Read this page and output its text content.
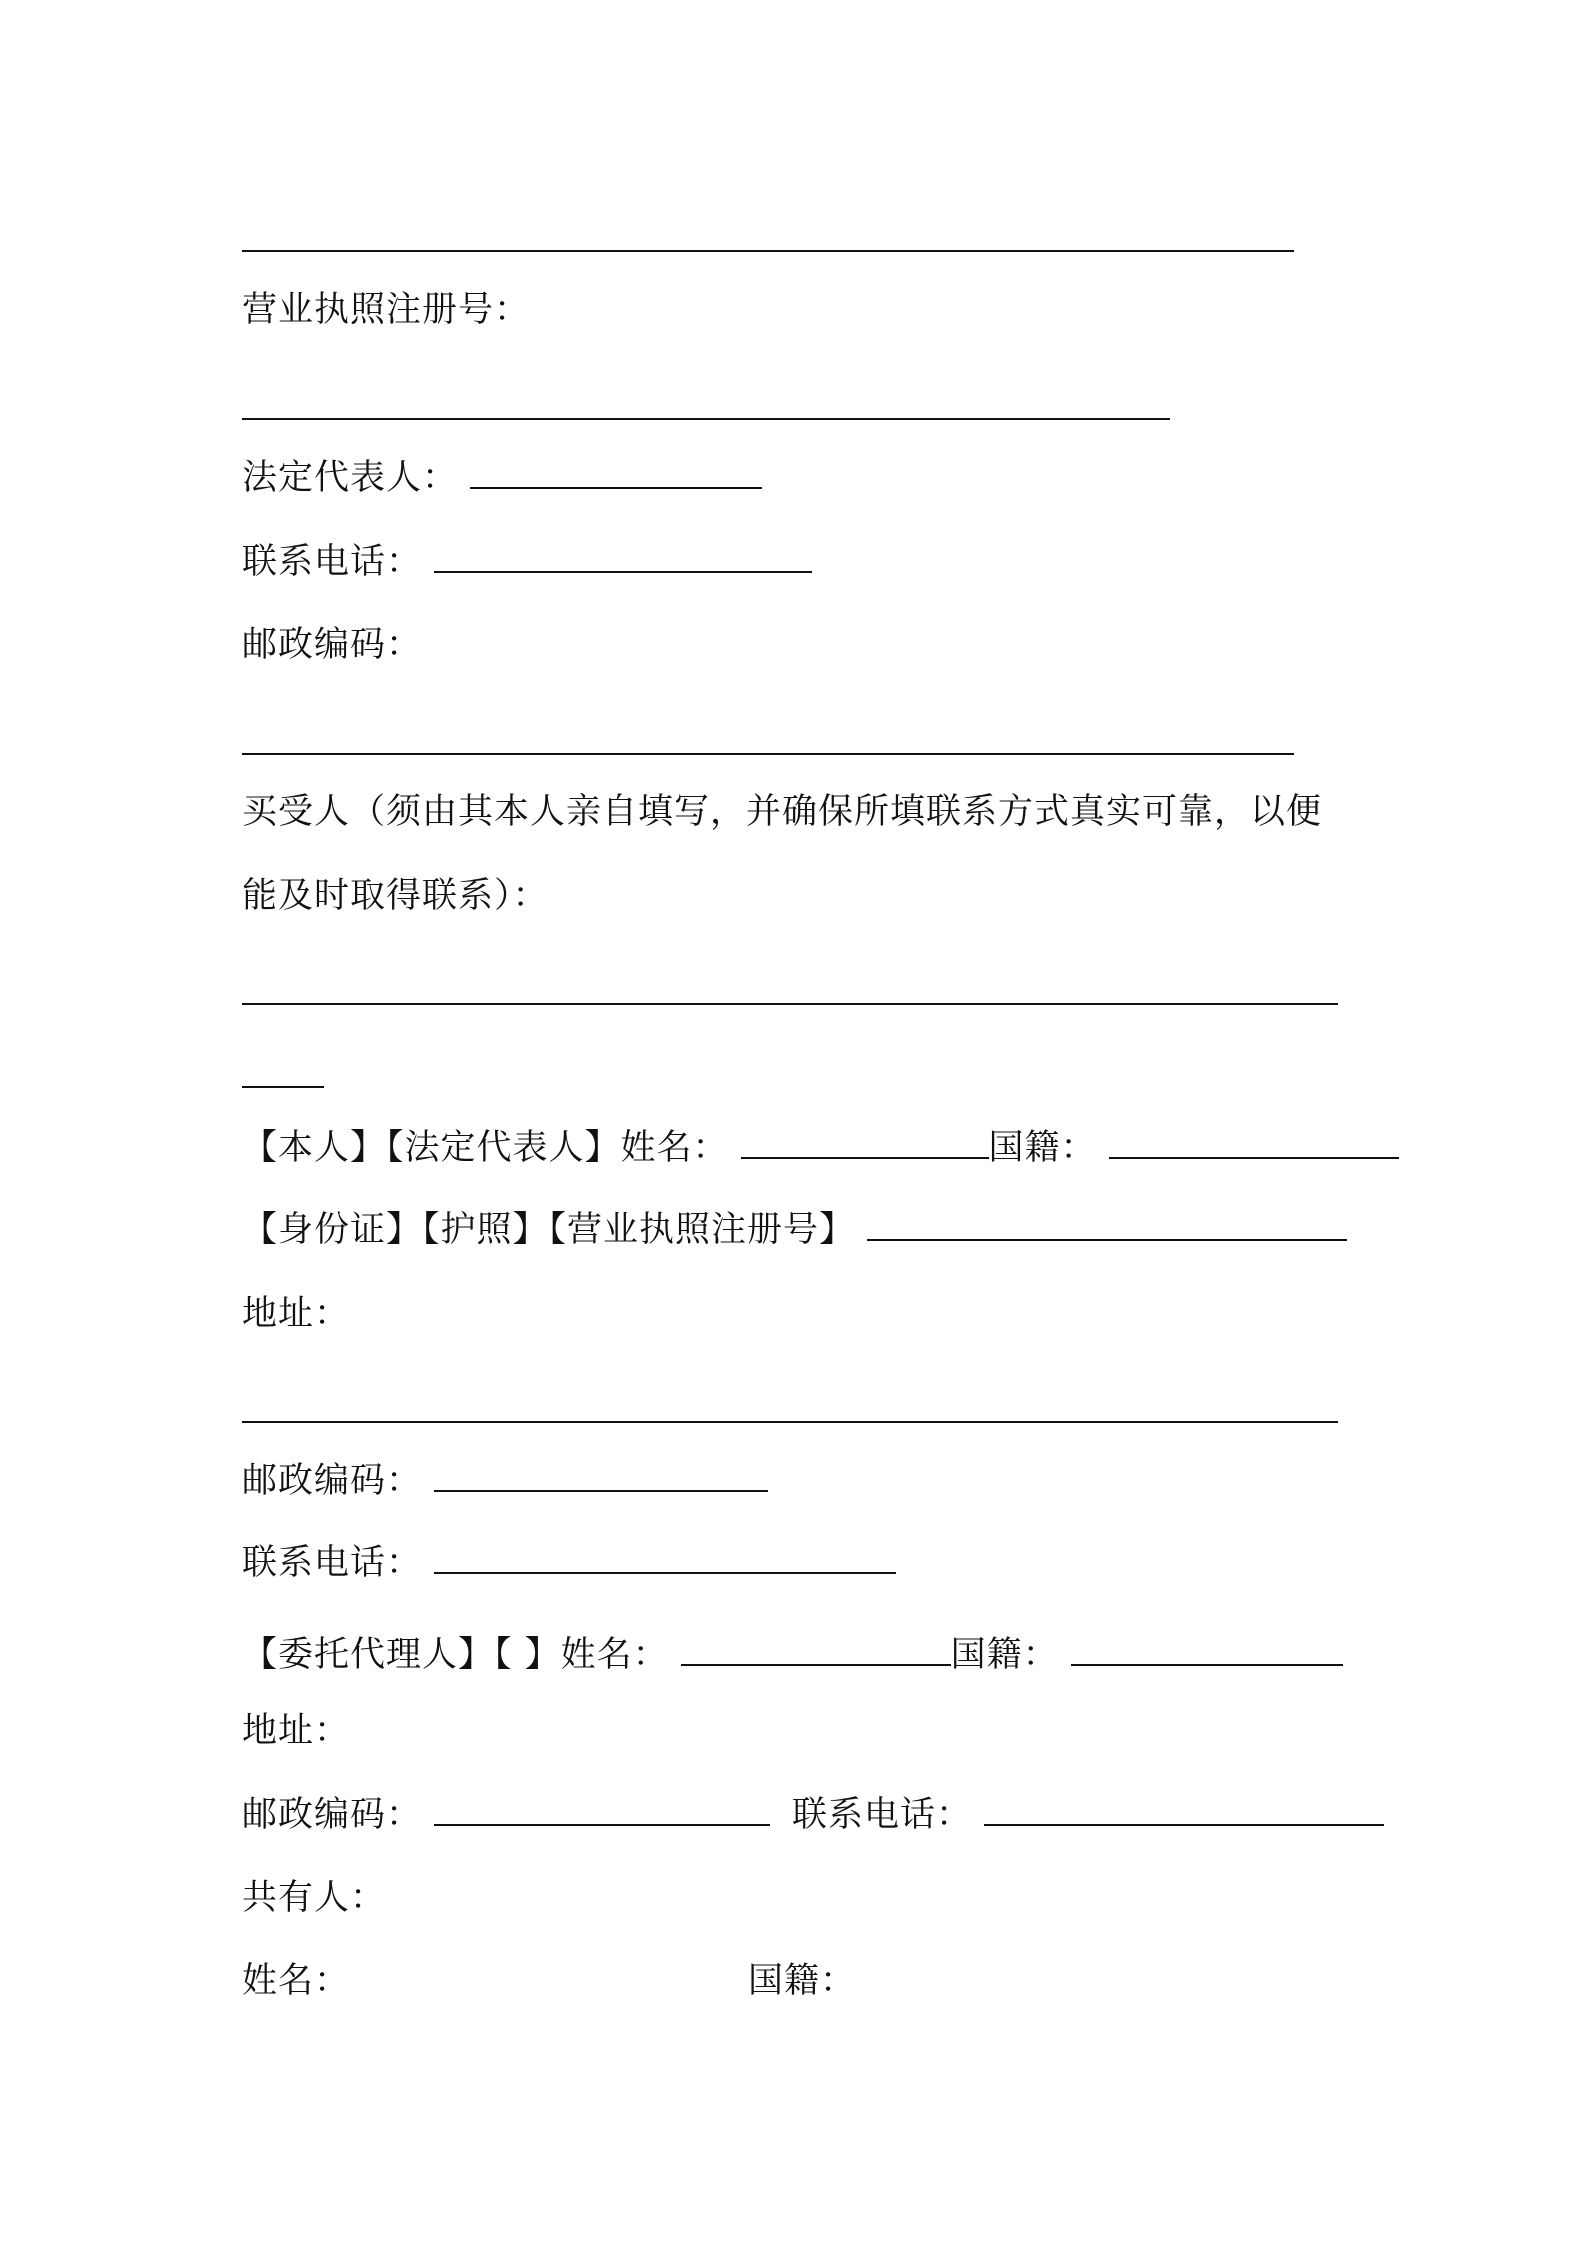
营业执照注册号：
法定代表人：
联系电话：
邮政编码：
买受人（须由其本人亲自填写，并确保所填联系方式真实可靠，以便
能及时取得联系）：
【本人】【法定代表人】姓名：	国籍：
【身份证】【护照】【营业执照注册号】
地址：
邮政编码：
联系电话：
【委托代理人】【 】姓名：	国籍：
地址：
邮政编码：	联系电话：
共有人：
姓名：	国籍：
